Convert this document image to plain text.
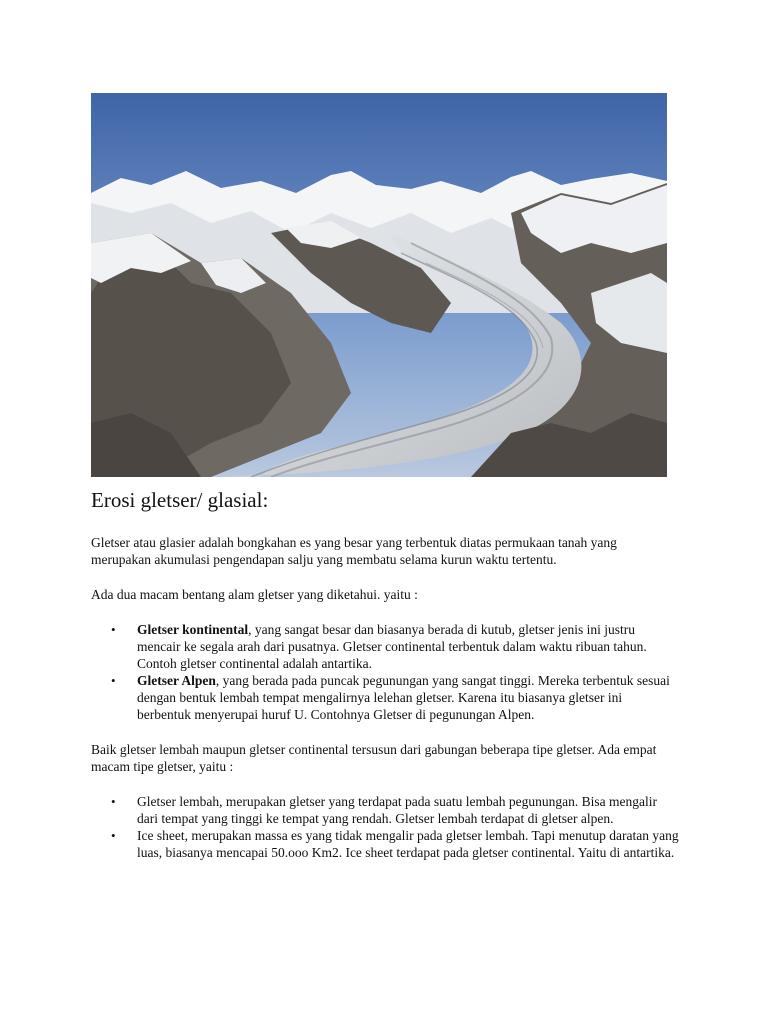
Erosi gletser/ glasial:

Gletser atau glasier adalah bongkahan es yang besar yang terbentuk diatas permukaan tanah yang merupakan akumulasi pengendapan salju yang membatu selama kurun waktu tertentu.

Ada dua macam bentang alam gletser yang diketahui. yaitu :

• Gletser kontinental, yang sangat besar dan biasanya berada di kutub, gletser jenis ini justru mencair ke segala arah dari pusatnya. Gletser continental terbentuk dalam waktu ribuan tahun. Contoh gletser continental adalah antartika.
• Gletser Alpen, yang berada pada puncak pegunungan yang sangat tinggi. Mereka terbentuk sesuai dengan bentuk lembah tempat mengalirnya lelehan gletser. Karena itu biasanya gletser ini berbentuk menyerupai huruf U. Contohnya Gletser di pegunungan Alpen.

Baik gletser lembah maupun gletser continental tersusun dari gabungan beberapa tipe gletser. Ada empat macam tipe gletser, yaitu :

• Gletser lembah, merupakan gletser yang terdapat pada suatu lembah pegunungan. Bisa mengalir dari tempat yang tinggi ke tempat yang rendah. Gletser lembah terdapat di gletser alpen.
• Ice sheet, merupakan massa es yang tidak mengalir pada gletser lembah. Tapi menutup daratan yang luas, biasanya mencapai 50.ooo Km2. Ice sheet terdapat pada gletser continental. Yaitu di antartika.
